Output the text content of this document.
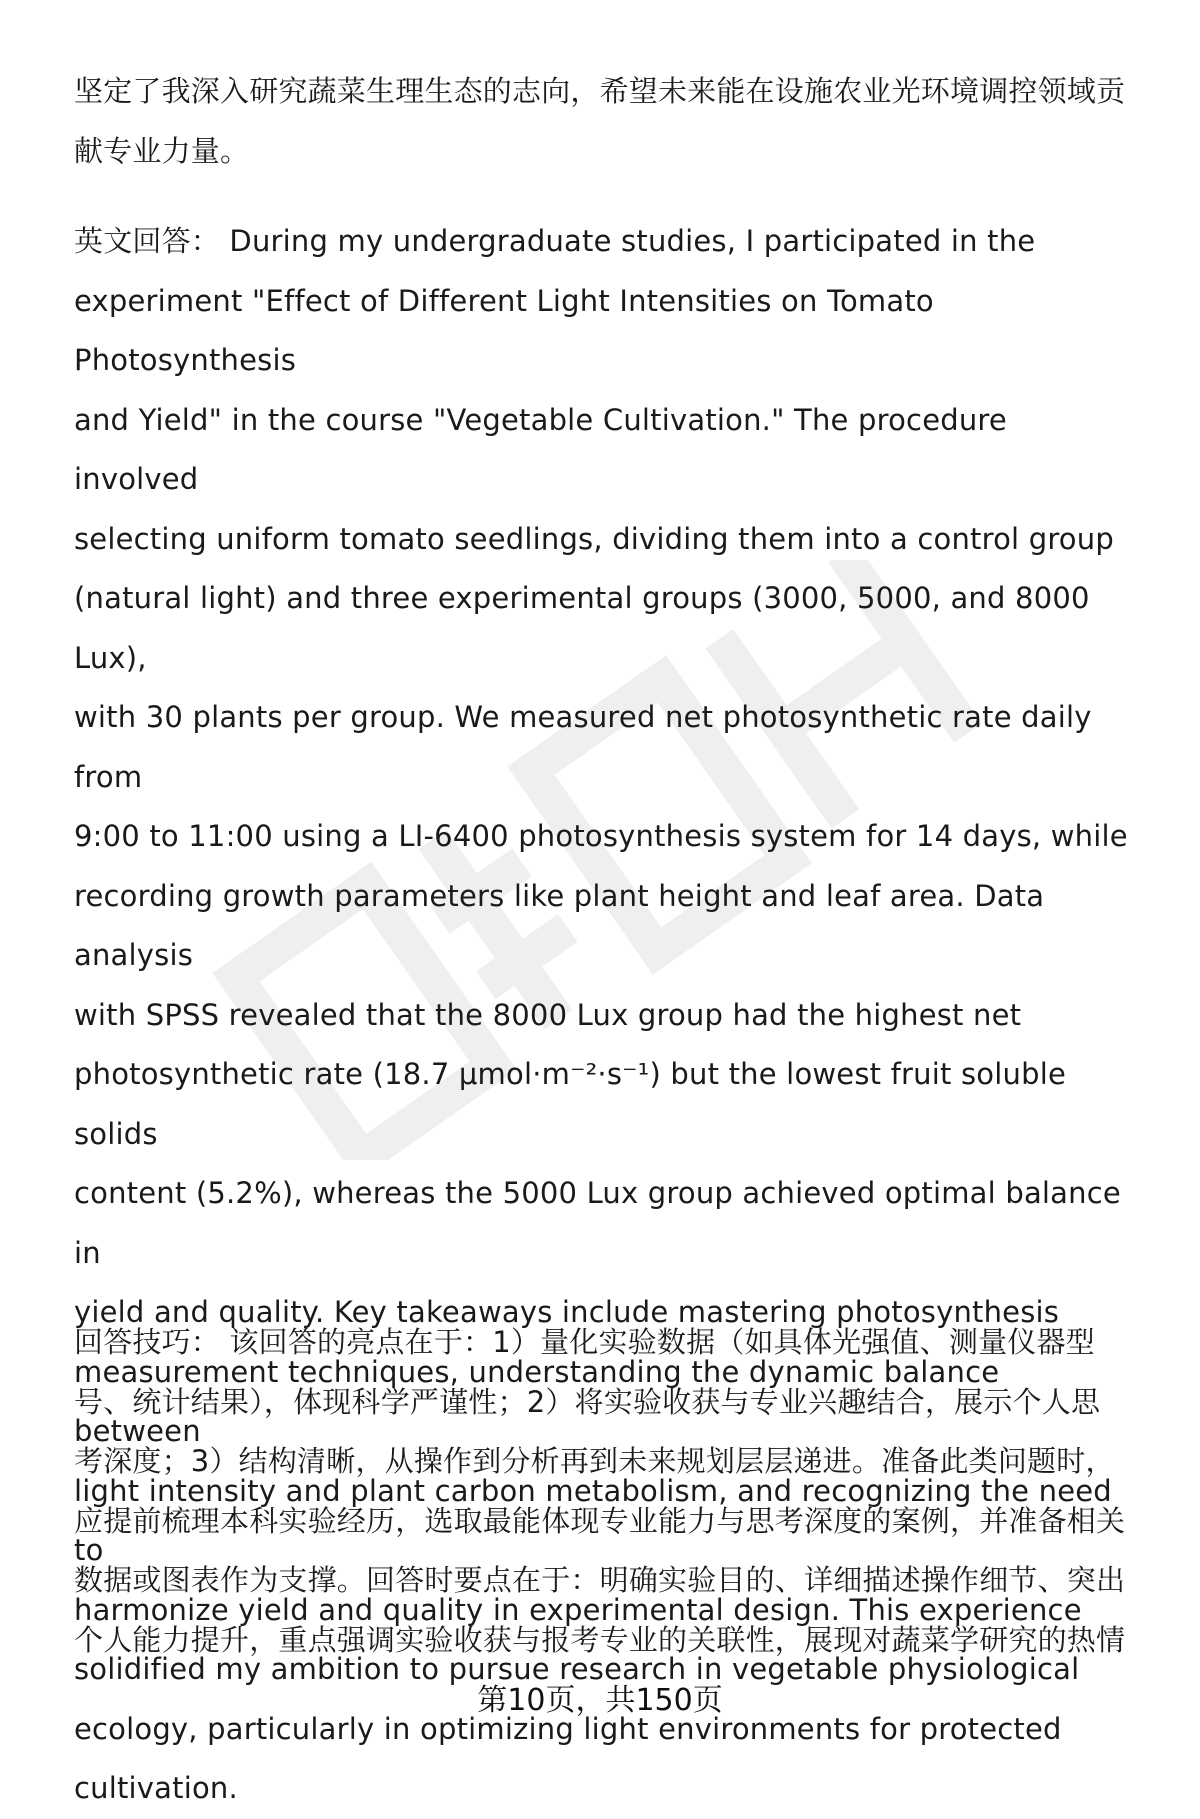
坚定了我深入研究蔬菜生理生态的志向，希望未来能在设施农业光环境调控领域贡

献专业力量。

英文回答： During my undergraduate studies, I participated in the

experiment "Effect of Different Light Intensities on Tomato Photosynthesis

and Yield" in the course "Vegetable Cultivation." The procedure involved

selecting uniform tomato seedlings, dividing them into a control group

(natural light) and three experimental groups (3000, 5000, and 8000 Lux),

with 30 plants per group. We measured net photosynthetic rate daily from

9:00 to 11:00 using a LI-6400 photosynthesis system for 14 days, while

recording growth parameters like plant height and leaf area. Data analysis

with SPSS revealed that the 8000 Lux group had the highest net

photosynthetic rate (18.7 μmol·m⁻²·s⁻¹) but the lowest fruit soluble solids

content (5.2%), whereas the 5000 Lux group achieved optimal balance in

yield and quality. Key takeaways include mastering photosynthesis

measurement techniques, understanding the dynamic balance between

light intensity and plant carbon metabolism, and recognizing the need to

harmonize yield and quality in experimental design. This experience

solidified my ambition to pursue research in vegetable physiological

ecology, particularly in optimizing light environments for protected

cultivation.

回答技巧： 该回答的亮点在于：1）量化实验数据（如具体光强值、测量仪器型

号、统计结果），体现科学严谨性；2）将实验收获与专业兴趣结合，展示个人思

考深度；3）结构清晰，从操作到分析再到未来规划层层递进。准备此类问题时，

应提前梳理本科实验经历，选取最能体现专业能力与思考深度的案例，并准备相关

数据或图表作为支撑。回答时要点在于：明确实验目的、详细描述操作细节、突出

个人能力提升，重点强调实验收获与报考专业的关联性，展现对蔬菜学研究的热情

第10页，共150页
